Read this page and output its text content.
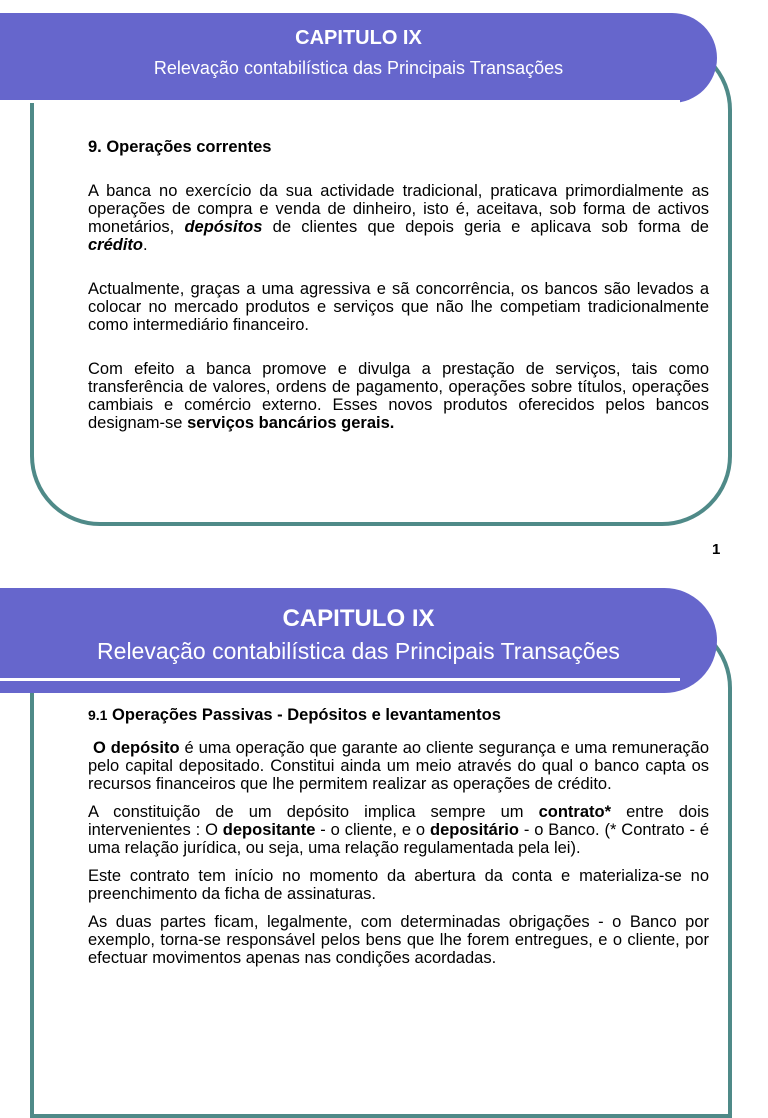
CAPITULO IX
Relevação contabilística das Principais Transações

9. Operações correntes

A banca no exercício da sua actividade tradicional, praticava primordialmente as operações de compra e venda de dinheiro, isto é, aceitava, sob forma de activos monetários, depósitos de clientes que depois geria e aplicava sob forma de crédito.

Actualmente, graças a uma agressiva e sã concorrência, os bancos são levados a colocar no mercado produtos e serviços que não lhe competiam tradicionalmente como intermediário financeiro.

Com efeito a banca promove e divulga a prestação de serviços, tais como transferência de valores, ordens de pagamento, operações sobre títulos, operações cambiais e comércio externo. Esses novos produtos oferecidos pelos bancos designam-se serviços bancários gerais.

1
CAPITULO IX
Relevação contabilística das Principais Transações

9.1 Operações Passivas - Depósitos e levantamentos

O depósito é uma operação que garante ao cliente segurança e uma remuneração pelo capital depositado. Constitui ainda um meio através do qual o banco capta os recursos financeiros que lhe permitem realizar as operações de crédito.

A constituição de um depósito implica sempre um contrato* entre dois intervenientes : O depositante - o cliente, e o depositário - o Banco. (* Contrato - é uma relação jurídica, ou seja, uma relação regulamentada pela lei).

Este contrato tem início no momento da abertura da conta e materializa-se no preenchimento da ficha de assinaturas.

As duas partes ficam, legalmente, com determinadas obrigações - o Banco por exemplo, torna-se responsável pelos bens que lhe forem entregues, e o cliente, por efectuar movimentos apenas nas condições acordadas.
